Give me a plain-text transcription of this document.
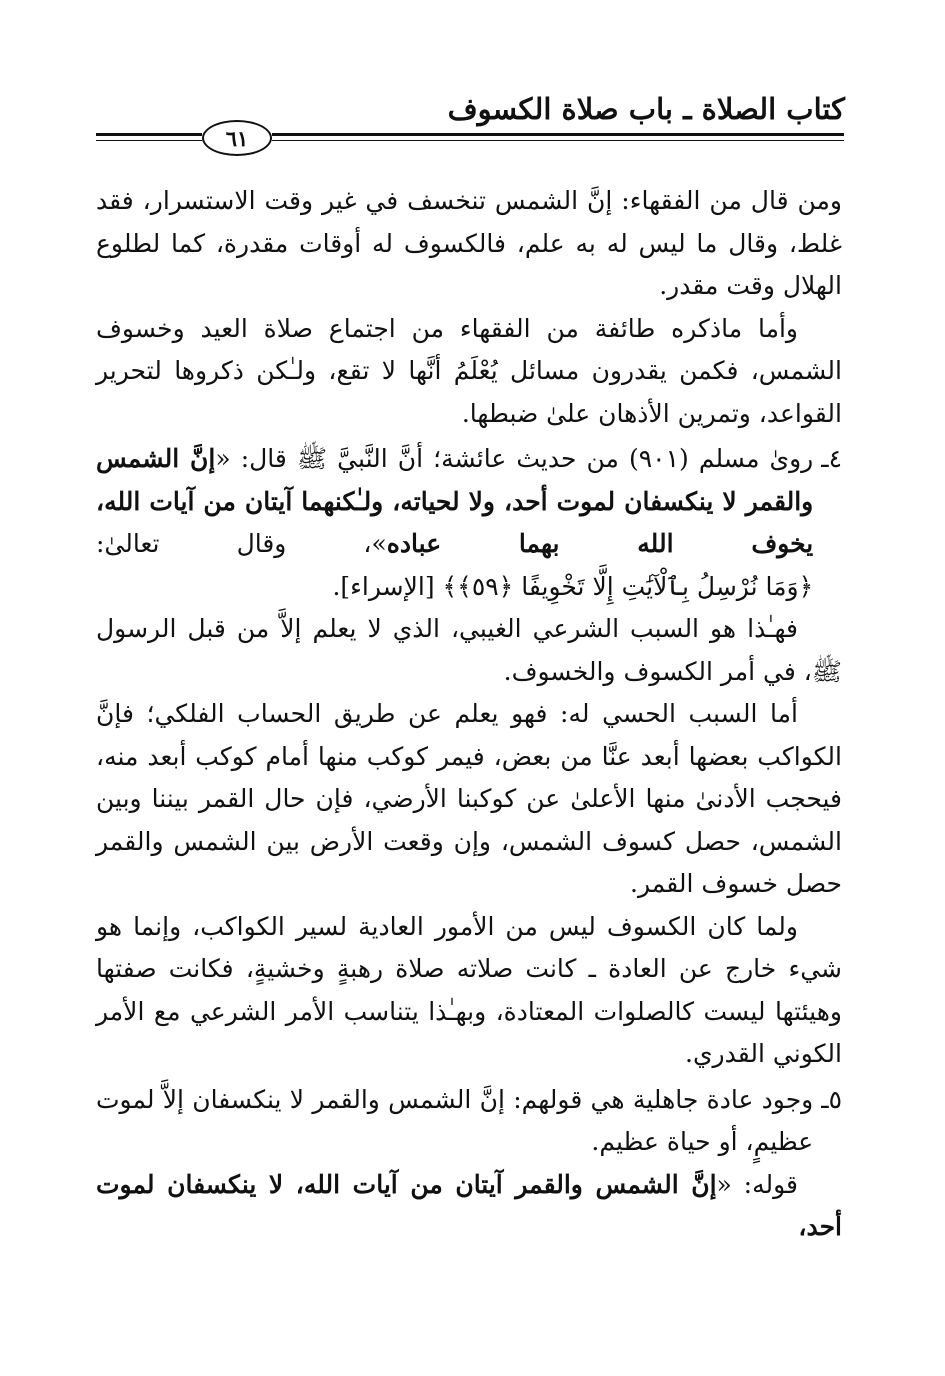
كتاب الصلاة ـ باب صلاة الكسوف
٦١

ومن قال من الفقهاء: إنَّ الشمس تنخسف في غير وقت الاستسرار، فقد غلط، وقال ما ليس له به علم، فالكسوف له أوقات مقدرة، كما لطلوع الهلال وقت مقدر.

وأما ماذكره طائفة من الفقهاء من اجتماع صلاة العيد وخسوف الشمس، فكمن يقدرون مسائل يُعْلَمُ أنَّها لا تقع، ولـٰكن ذكروها لتحرير القواعد، وتمرين الأذهان علىٰ ضبطها.

٤ـ
رویٰ مسلم (٩٠١) من حديث عائشة؛ أنَّ النَّبيَّ ﷺ قال: «إنَّ الشمس والقمر لا ينكسفان لموت أحد، ولا لحياته، ولـٰكنهما آيتان من آيات الله، يخوف الله بهما عباده»، وقال تعالىٰ: ﴿وَمَا نُرْسِلُ بِٱلْآيَٰتِ إِلَّا تَخْوِيفًا ﴿٥٩﴾﴾ [الإسراء].

فهـٰذا هو السبب الشرعي الغيبي، الذي لا يعلم إلاَّ من قبل الرسول ﷺ، في أمر الكسوف والخسوف.

أما السبب الحسي له: فهو يعلم عن طريق الحساب الفلكي؛ فإنَّ الكواكب بعضها أبعد عنَّا من بعض، فيمر كوكب منها أمام كوكب أبعد منه، فيحجب الأدنىٰ منها الأعلىٰ عن كوكبنا الأرضي، فإن حال القمر بيننا وبين الشمس، حصل كسوف الشمس، وإن وقعت الأرض بين الشمس والقمر حصل خسوف القمر.

ولما كان الكسوف ليس من الأمور العادية لسير الكواكب، وإنما هو شيء خارج عن العادة ـ كانت صلاته صلاة رهبةٍ وخشيةٍ، فكانت صفتها وهيئتها ليست كالصلوات المعتادة، وبهـٰذا يتناسب الأمر الشرعي مع الأمر الكوني القدري.

٥ـ
وجود عادة جاهلية هي قولهم: إنَّ الشمس والقمر لا ينكسفان إلاَّ لموت عظيمٍ، أو حياة عظيم.

قوله: «إنَّ الشمس والقمر آيتان من آيات الله، لا ينكسفان لموت أحد،
